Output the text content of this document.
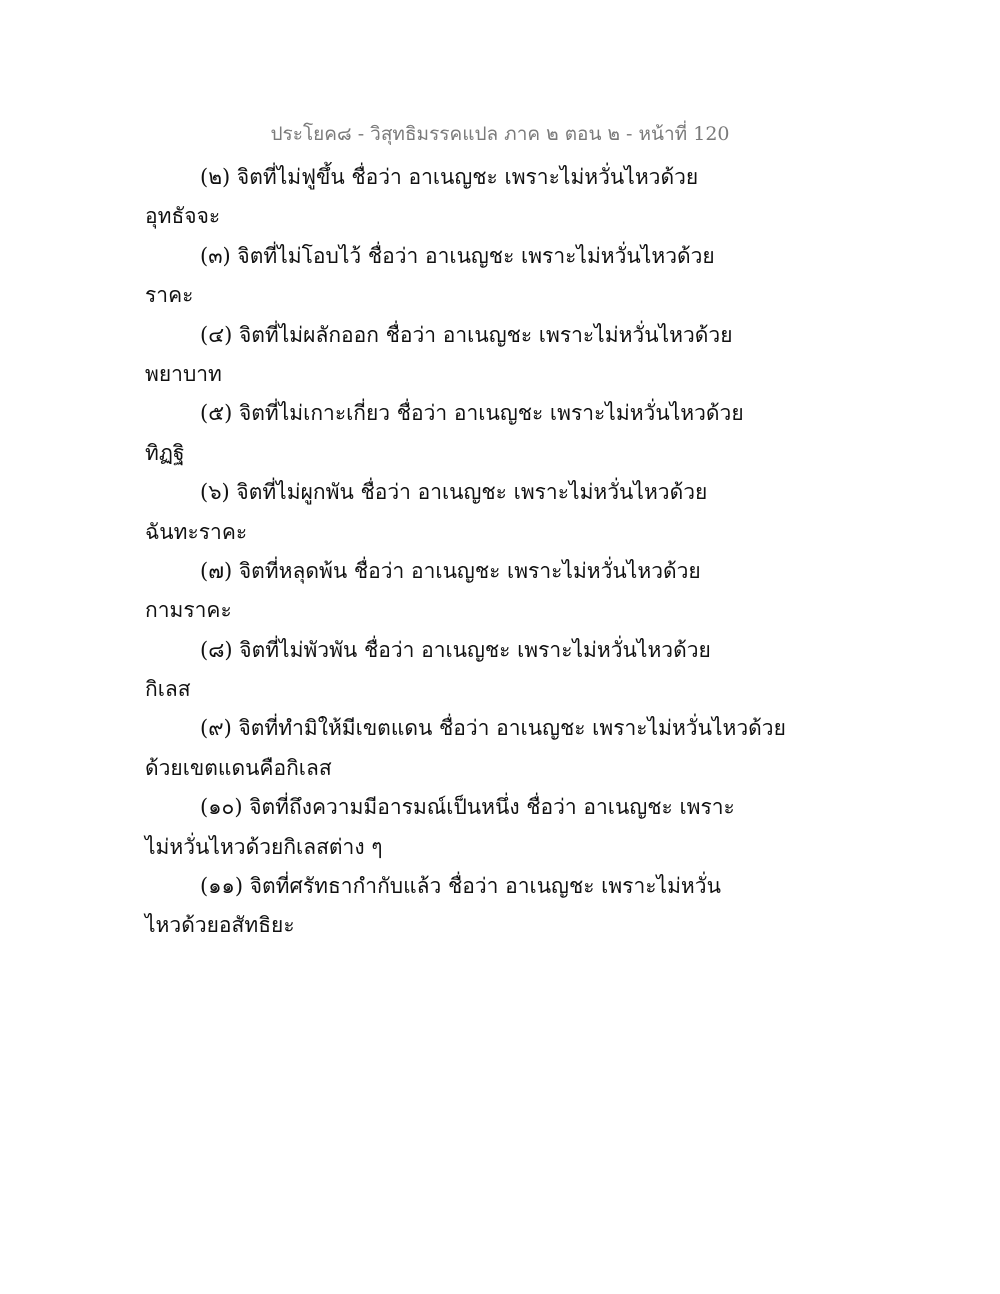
ประโยค๘ - วิสุทธิมรรคแปล ภาค ๒ ตอน ๒ - หน้าที่ 120
(๒) จิตที่ไม่ฟูขึ้น ชื่อว่า อาเนญชะ เพราะไม่หวั่นไหวด้วย
อุทธัจจะ
(๓) จิตที่ไม่โอบไว้ ชื่อว่า อาเนญชะ เพราะไม่หวั่นไหวด้วย
ราคะ
(๔) จิตที่ไม่ผลักออก ชื่อว่า อาเนญชะ เพราะไม่หวั่นไหวด้วย
พยาบาท
(๕) จิตที่ไม่เกาะเกี่ยว ชื่อว่า อาเนญชะ เพราะไม่หวั่นไหวด้วย
ทิฏฐิ
(๖) จิตที่ไม่ผูกพัน ชื่อว่า อาเนญชะ เพราะไม่หวั่นไหวด้วย
ฉันทะราคะ
(๗) จิตที่หลุดพ้น ชื่อว่า อาเนญชะ เพราะไม่หวั่นไหวด้วย
กามราคะ
(๘) จิตที่ไม่พัวพัน ชื่อว่า อาเนญชะ เพราะไม่หวั่นไหวด้วย
กิเลส
(๙) จิตที่ทำมิให้มีเขตแดน ชื่อว่า อาเนญชะ เพราะไม่หวั่นไหวด้วย
ด้วยเขตแดนคือกิเลส
(๑๐) จิตที่ถึงความมีอารมณ์เป็นหนึ่ง ชื่อว่า อาเนญชะ เพราะ
ไม่หวั่นไหวด้วยกิเลสต่าง ๆ
(๑๑) จิตที่ศรัทธากำกับแล้ว ชื่อว่า อาเนญชะ เพราะไม่หวั่น
ไหวด้วยอสัทธิยะ
